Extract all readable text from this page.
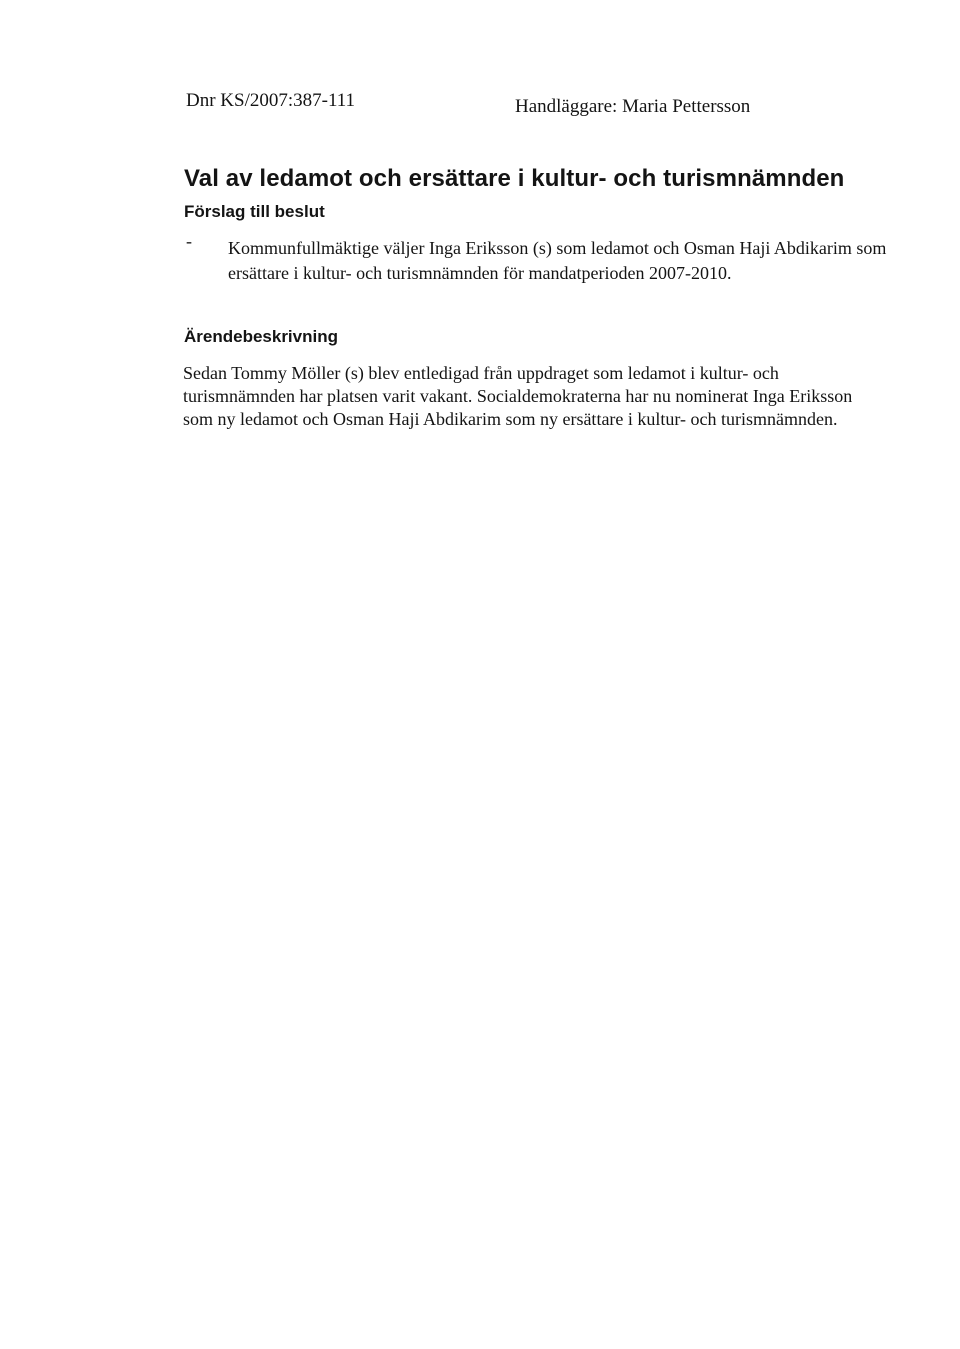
Dnr KS/2007:387-111	Handläggare: Maria Pettersson
Val av ledamot och ersättare i kultur- och turismnämnden
Förslag till beslut
- Kommunfullmäktige väljer Inga Eriksson (s) som ledamot och Osman Haji Abdikarim som ersättare i kultur- och turismnämnden för mandatperioden 2007-2010.

Ärendebeskrivning

Sedan Tommy Möller (s) blev entledigad från uppdraget som ledamot i kultur- och turismnämnden har platsen varit vakant. Socialdemokraterna har nu nominerat Inga Eriksson som ny ledamot och Osman Haji Abdikarim som ny ersättare i kultur- och turismnämnden.
